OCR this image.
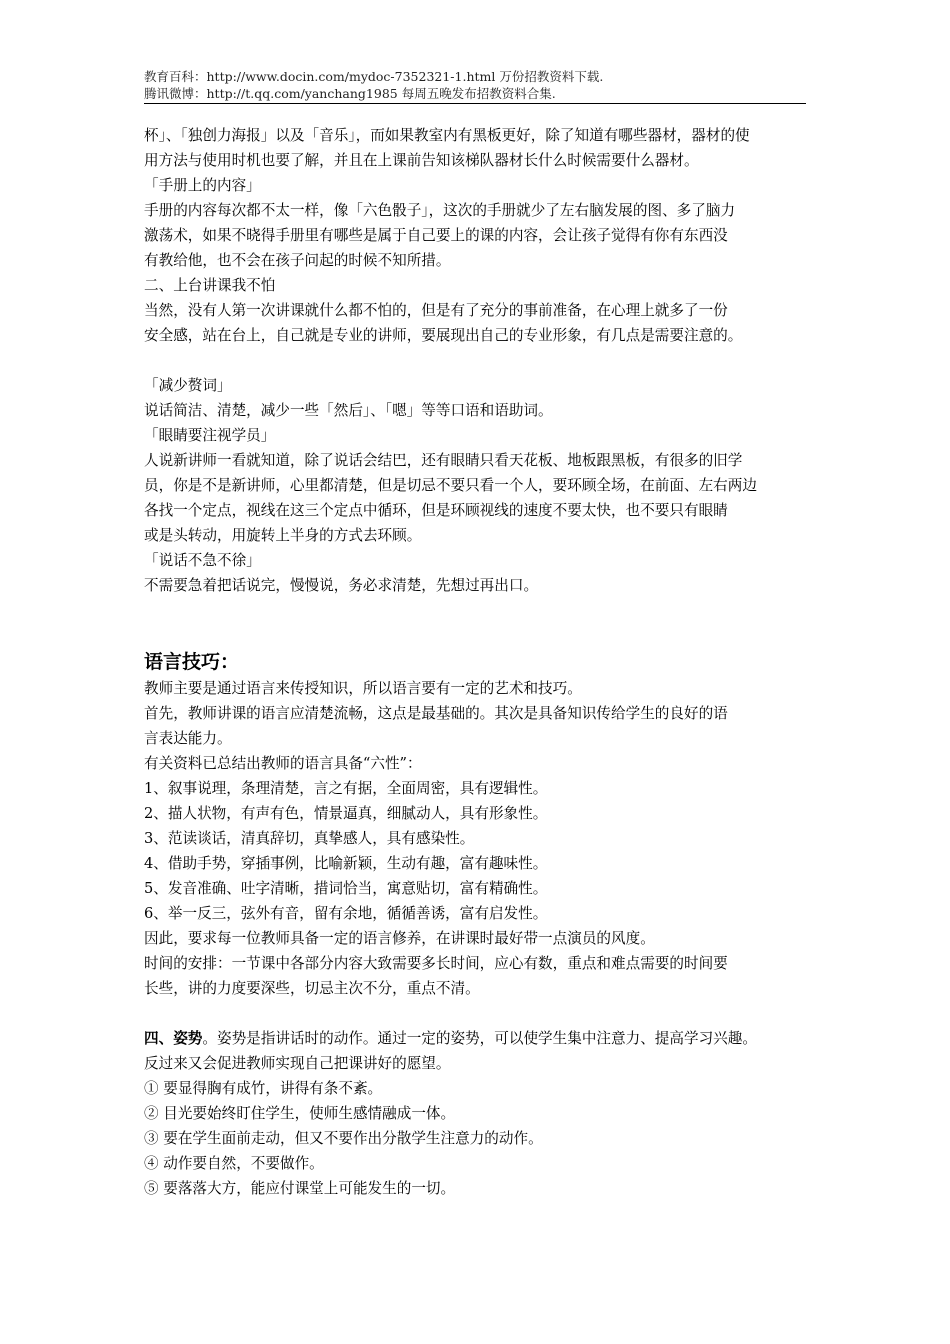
教育百科：http://www.docin.com/mydoc-7352321-1.html 万份招教资料下载.
腾讯微博：http://t.qq.com/yanchang1985 每周五晚发布招教资料合集.

杯」、「独创力海报」以及「音乐」，而如果教室内有黑板更好，除了知道有哪些器材，器材的使

用方法与使用时机也要了解，并且在上课前告知该梯队器材长什么时候需要什么器材。

「手册上的内容」

手册的内容每次都不太一样，像「六色骰子」，这次的手册就少了左右脑发展的图、多了脑力

激荡术，如果不晓得手册里有哪些是属于自己要上的课的内容，会让孩子觉得有你有东西没

有教给他，也不会在孩子问起的时候不知所措。

二、上台讲课我不怕

当然，没有人第一次讲课就什么都不怕的，但是有了充分的事前准备，在心理上就多了一份

安全感，站在台上，自己就是专业的讲师，要展现出自己的专业形象，有几点是需要注意的。

「减少赘词」

说话简洁、清楚，减少一些「然后」、「嗯」等等口语和语助词。

「眼睛要注视学员」

人说新讲师一看就知道，除了说话会结巴，还有眼睛只看天花板、地板跟黑板，有很多的旧学

员，你是不是新讲师，心里都清楚，但是切忌不要只看一个人，要环顾全场，在前面、左右两边

各找一个定点，视线在这三个定点中循环，但是环顾视线的速度不要太快，也不要只有眼睛

或是头转动，用旋转上半身的方式去环顾。

「说话不急不徐」

不需要急着把话说完，慢慢说，务必求清楚，先想过再出口。

语言技巧：

教师主要是通过语言来传授知识，所以语言要有一定的艺术和技巧。

首先，教师讲课的语言应清楚流畅，这点是最基础的。其次是具备知识传给学生的良好的语

言表达能力。

有关资料已总结出教师的语言具备“六性”：

1、叙事说理，条理清楚，言之有据，全面周密，具有逻辑性。

2、描人状物，有声有色，情景逼真，细腻动人，具有形象性。

3、范读谈话，清真辞切，真挚感人，具有感染性。

4、借助手势，穿插事例，比喻新颖，生动有趣，富有趣味性。

5、发音准确、吐字清晰，措词恰当，寓意贴切，富有精确性。

6、举一反三，弦外有音，留有余地，循循善诱，富有启发性。

因此，要求每一位教师具备一定的语言修养，在讲课时最好带一点演员的风度。

时间的安排：一节课中各部分内容大致需要多长时间，应心有数，重点和难点需要的时间要

长些，讲的力度要深些，切忌主次不分，重点不清。

四、姿势。姿势是指讲话时的动作。通过一定的姿势，可以使学生集中注意力、提高学习兴趣。

反过来又会促进教师实现自己把课讲好的愿望。

① 要显得胸有成竹，讲得有条不紊。

② 目光要始终盯住学生，使师生感情融成一体。

③ 要在学生面前走动，但又不要作出分散学生注意力的动作。

④ 动作要自然，不要做作。

⑤ 要落落大方，能应付课堂上可能发生的一切。
